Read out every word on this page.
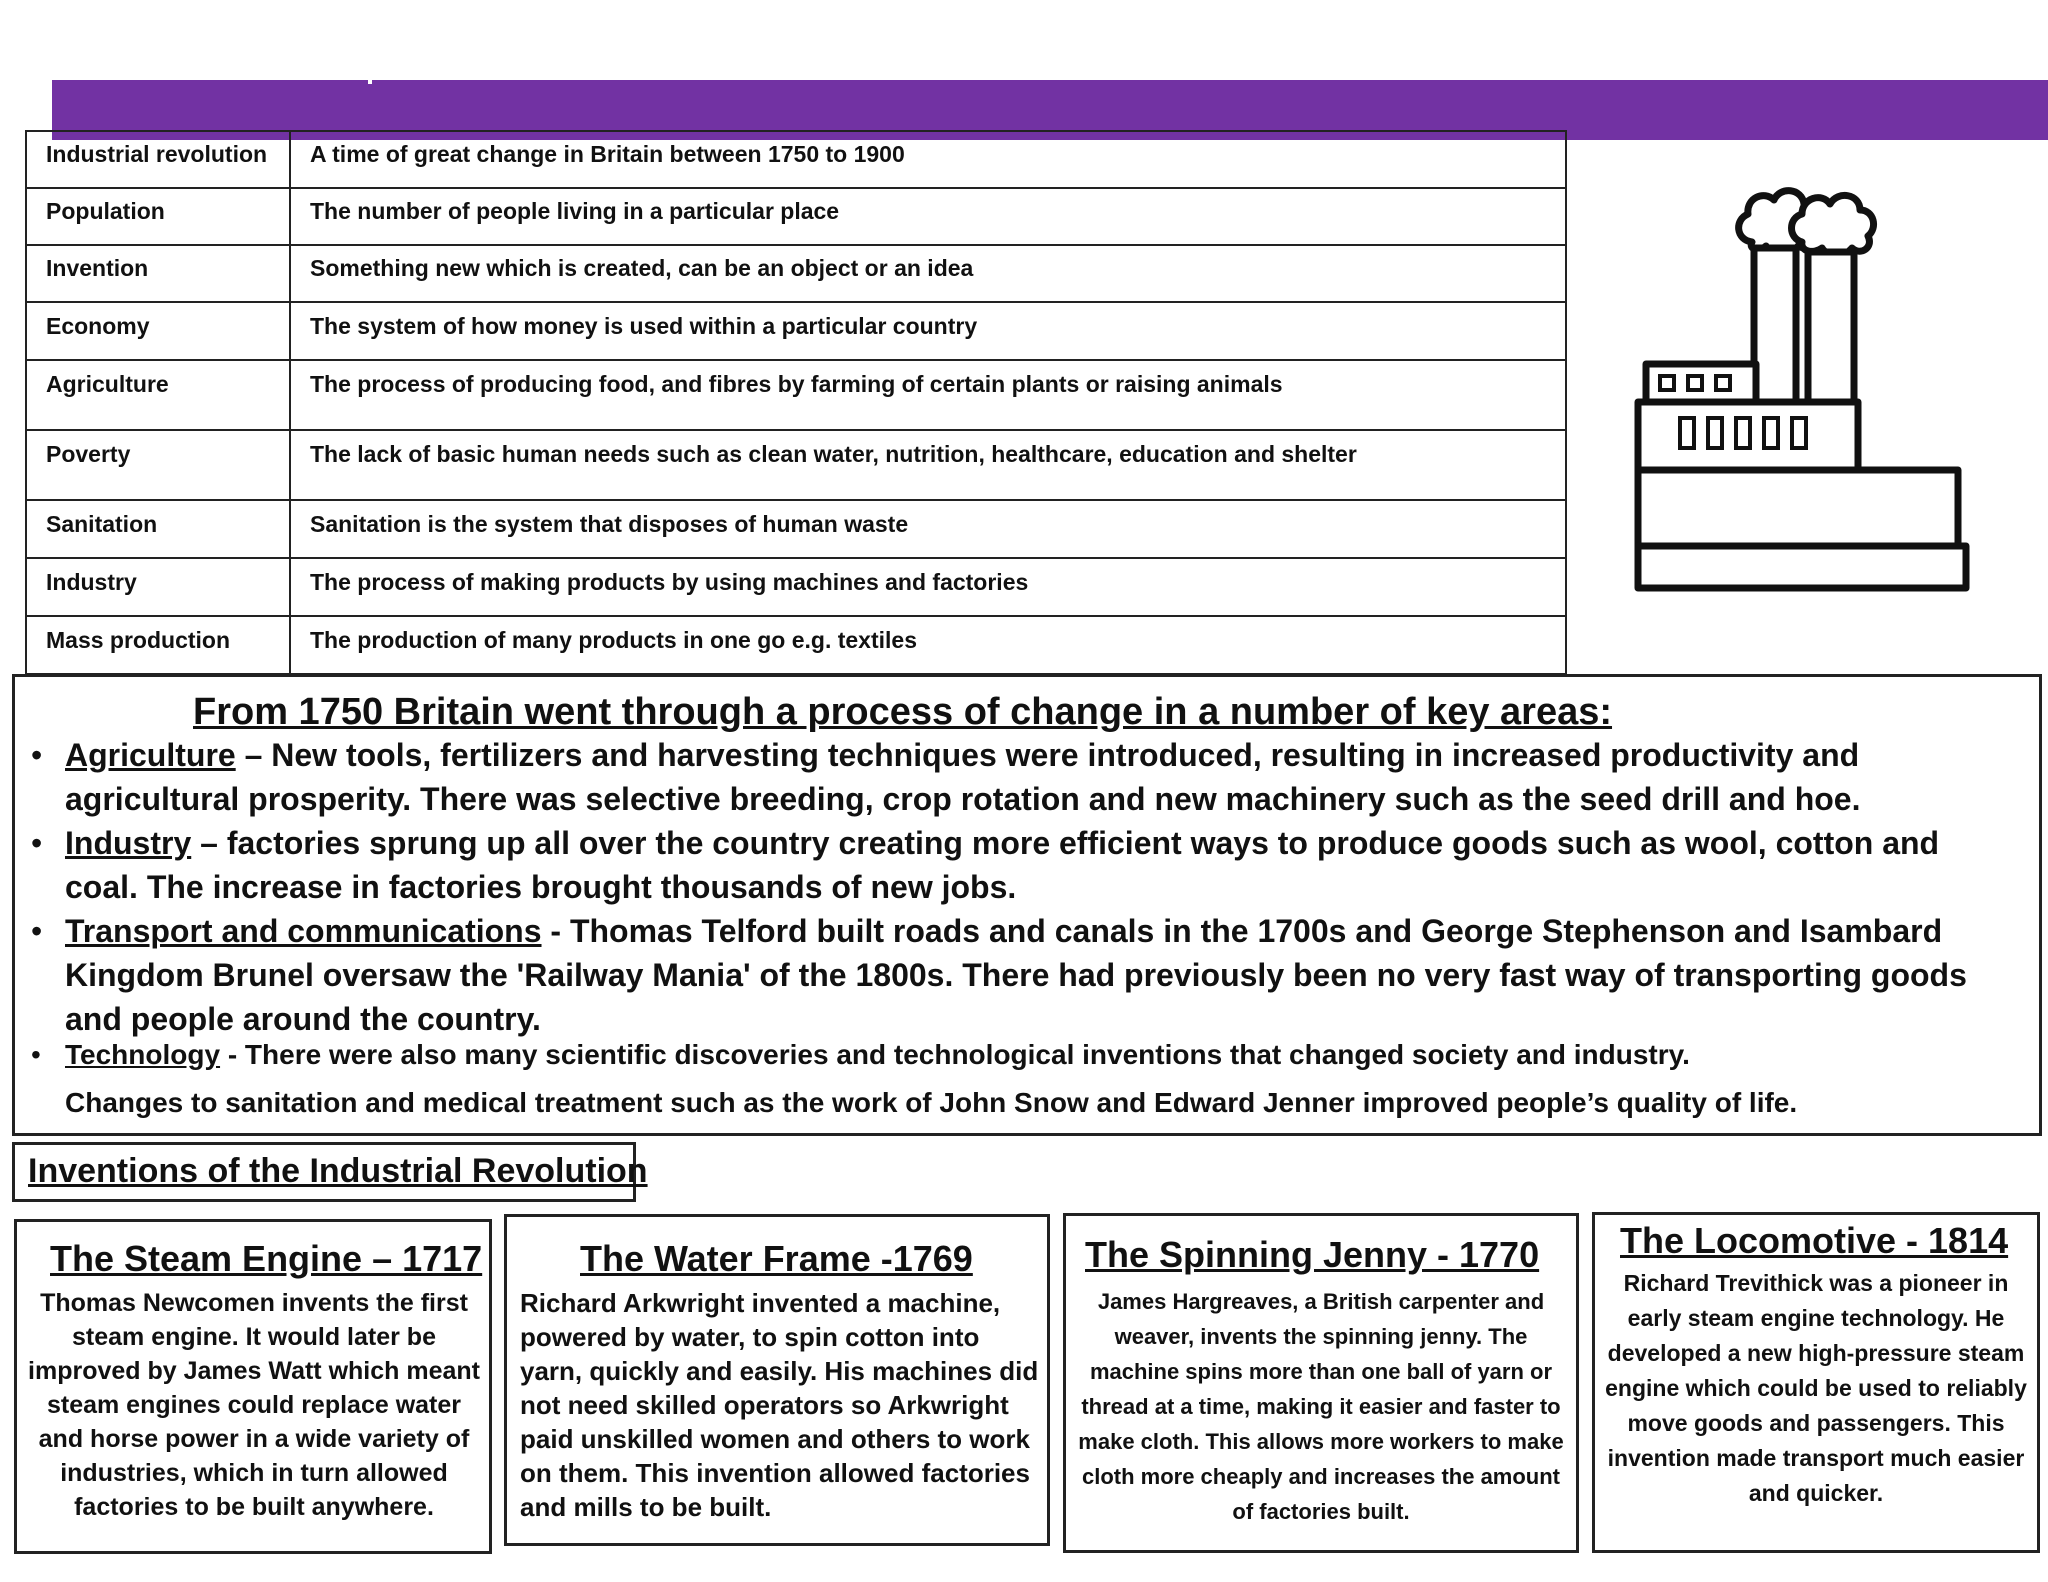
Industrial revolution	A time of great change in Britain between 1750 to 1900
Population	The number of people living in a particular place
Invention	Something new which is created, can be an object or an idea
Economy	The system of how money is used within a particular country
Agriculture	The process of producing food, and fibres by farming of certain plants or raising animals
Poverty	The lack of basic human needs such as clean water, nutrition, healthcare, education and shelter
Sanitation	Sanitation is the system that disposes of human waste
Industry	The process of making products by using machines and factories
Mass production	The production of many products in one go e.g. textiles
From 1750 Britain went through a process of change in a number of key areas:
• Agriculture – New tools, fertilizers and harvesting techniques were introduced, resulting in increased productivity and agricultural prosperity. There was selective breeding, crop rotation and new machinery such as the seed drill and hoe.
• Industry – factories sprung up all over the country creating more efficient ways to produce goods such as wool, cotton and coal. The increase in factories brought thousands of new jobs.
• Transport and communications - Thomas Telford built roads and canals in the 1700s and George Stephenson and Isambard Kingdom Brunel oversaw the 'Railway Mania' of the 1800s. There had previously been no very fast way of transporting goods and people around the country.
• Technology - There were also many scientific discoveries and technological inventions that changed society and industry.
Changes to sanitation and medical treatment such as the work of John Snow and Edward Jenner improved people’s quality of life.
Inventions of the Industrial Revolution
The Steam Engine – 1717
Thomas Newcomen invents the first steam engine. It would later be improved by James Watt which meant steam engines could replace water and horse power in a wide variety of industries, which in turn allowed factories to be built anywhere.
The Water Frame -1769
Richard Arkwright invented a machine, powered by water, to spin cotton into yarn, quickly and easily. His machines did not need skilled operators so Arkwright paid unskilled women and others to work on them. This invention allowed factories and mills to be built.
The Spinning Jenny - 1770
James Hargreaves, a British carpenter and weaver, invents the spinning jenny. The machine spins more than one ball of yarn or thread at a time, making it easier and faster to make cloth. This allows more workers to make cloth more cheaply and increases the amount of factories built.
The Locomotive - 1814
Richard Trevithick was a pioneer in early steam engine technology. He developed a new high-pressure steam engine which could be used to reliably move goods and passengers. This invention made transport much easier and quicker.
